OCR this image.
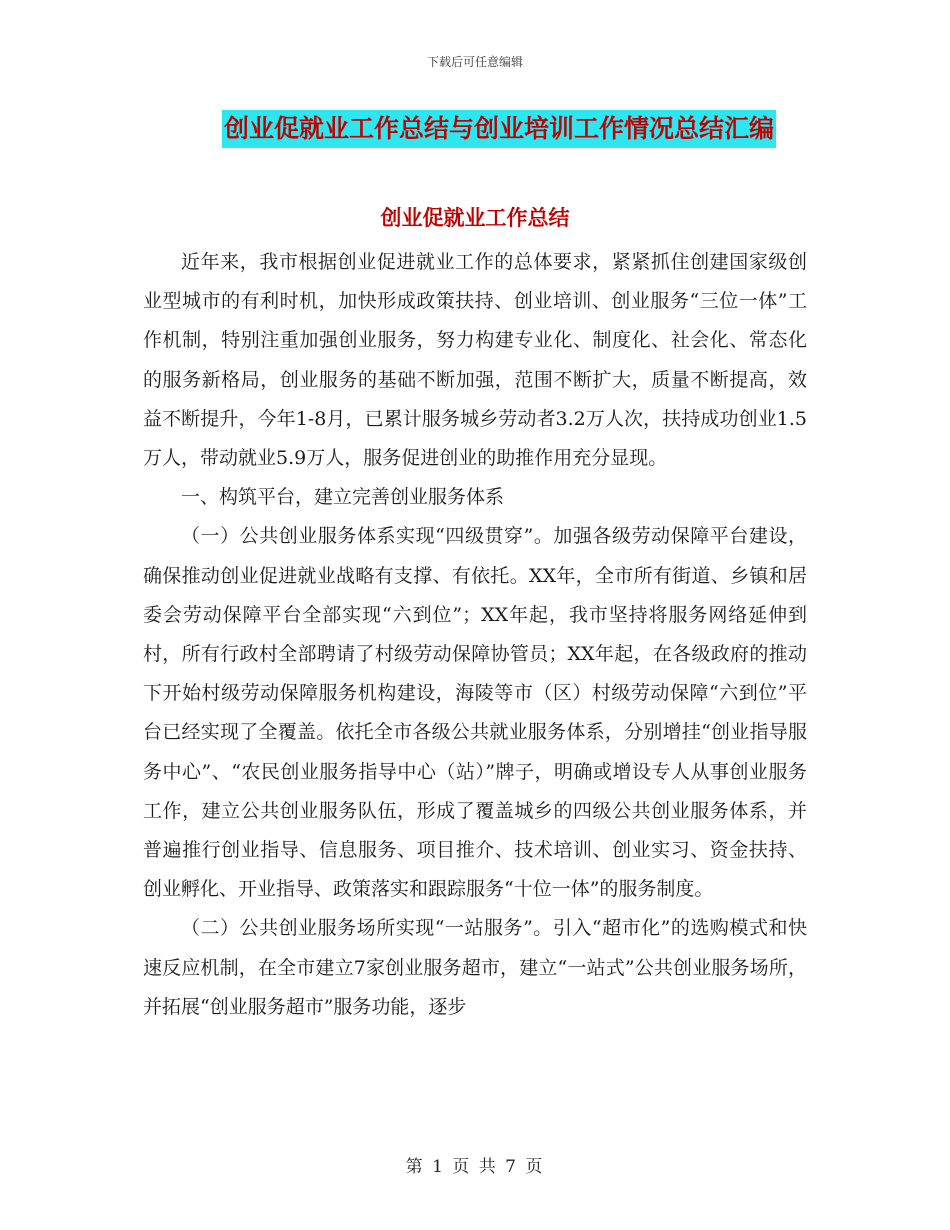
下载后可任意编辑
创业促就业工作总结与创业培训工作情况总结汇编
创业促就业工作总结

近年来，我市根据创业促进就业工作的总体要求，紧紧抓住创建国家级创业型城市的有利时机，加快形成政策扶持、创业培训、创业服务“三位一体”工作机制，特别注重加强创业服务，努力构建专业化、制度化、社会化、常态化的服务新格局，创业服务的基础不断加强，范围不断扩大，质量不断提高，效益不断提升，今年1-8月，已累计服务城乡劳动者3.2万人次，扶持成功创业1.5万人，带动就业5.9万人，服务促进创业的助推作用充分显现。

一、构筑平台，建立完善创业服务体系

（一）公共创业服务体系实现“四级贯穿”。加强各级劳动保障平台建设，确保推动创业促进就业战略有支撑、有依托。XX年，全市所有街道、乡镇和居委会劳动保障平台全部实现“六到位”；XX年起，我市坚持将服务网络延伸到村，所有行政村全部聘请了村级劳动保障协管员；XX年起，在各级政府的推动下开始村级劳动保障服务机构建设，海陵等市（区）村级劳动保障“六到位”平台已经实现了全覆盖。依托全市各级公共就业服务体系，分别增挂“创业指导服务中心”、“农民创业服务指导中心（站）”牌子，明确或增设专人从事创业服务工作，建立公共创业服务队伍，形成了覆盖城乡的四级公共创业服务体系，并普遍推行创业指导、信息服务、项目推介、技术培训、创业实习、资金扶持、创业孵化、开业指导、政策落实和跟踪服务“十位一体”的服务制度。

（二）公共创业服务场所实现“一站服务”。引入“超市化”的选购模式和快速反应机制，在全市建立7家创业服务超市，建立“一站式”公共创业服务场所，并拓展“创业服务超市”服务功能，逐步

第 1 页 共 7 页
